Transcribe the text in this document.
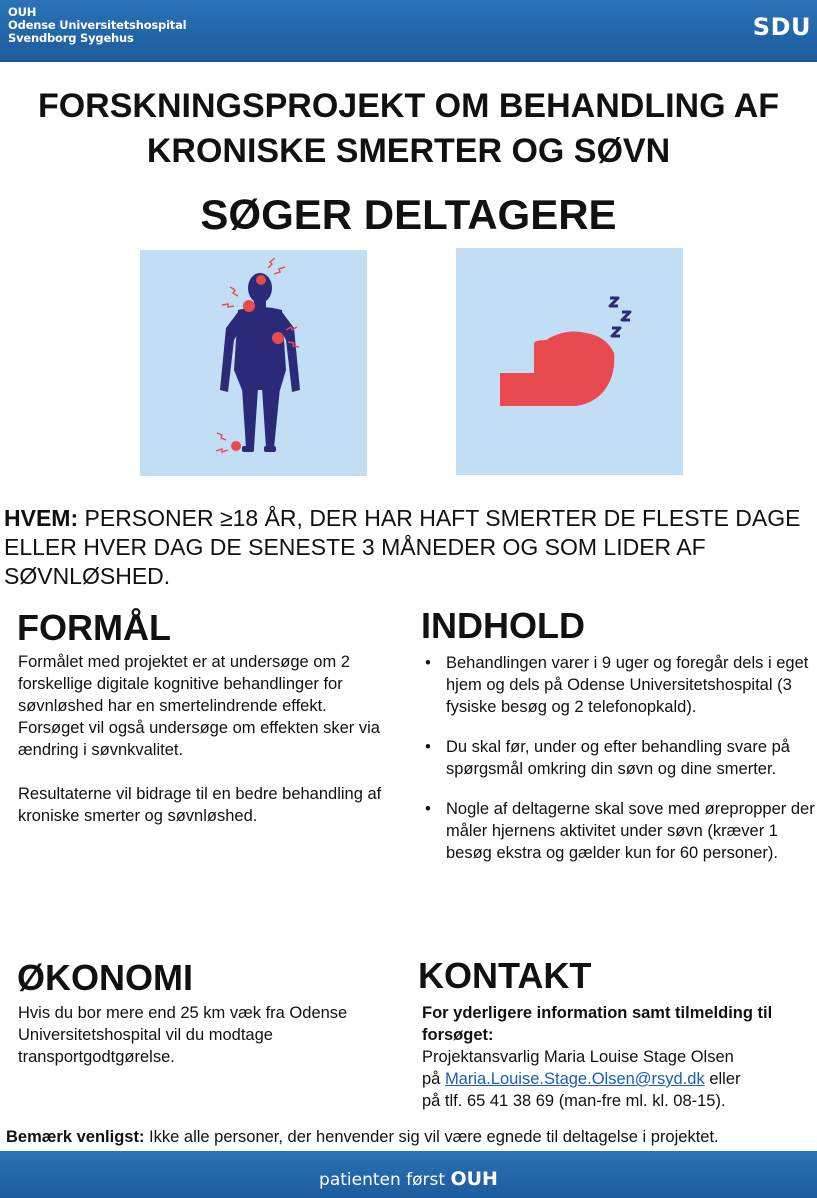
OUH
Odense Universitetshospital
Svendborg Sygehus	SDU
FORSKNINGSPROJEKT OM BEHANDLING AF
KRONISKE SMERTER OG SØVN
SØGER DELTAGERE
HVEM: PERSONER ≥18 ÅR, DER HAR HAFT SMERTER DE FLESTE DAGE ELLER HVER DAG DE SENESTE 3 MÅNEDER OG SOM LIDER AF SØVNLØSHED.
FORMÅL

Formålet med projektet er at undersøge om 2 forskellige digitale kognitive behandlinger for søvnløshed har en smertelindrende effekt. Forsøget vil også undersøge om effekten sker via ændring i søvnkvalitet.

Resultaterne vil bidrage til en bedre behandling af kroniske smerter og søvnløshed.

INDHOLD
• Behandlingen varer i 9 uger og foregår dels i eget hjem og dels på Odense Universitetshospital (3 fysiske besøg og 2 telefonopkald).
• Du skal før, under og efter behandling svare på spørgsmål omkring din søvn og dine smerter.
• Nogle af deltagerne skal sove med ørepropper der måler hjernens aktivitet under søvn (kræver 1 besøg ekstra og gælder kun for 60 personer).
ØKONOMI
Hvis du bor mere end 25 km væk fra Odense Universitetshospital vil du modtage transportgodtgørelse.
KONTAKT

For yderligere information samt tilmelding til forsøget:

Projektansvarlig Maria Louise Stage Olsen

på Maria.Louise.Stage.Olsen@rsyd.dk eller

på tlf. 65 41 38 69 (man-fre ml. kl. 08-15).

Bemærk venligst: Ikke alle personer, der henvender sig vil være egnede til deltagelse i projektet.
patienten først OUH
